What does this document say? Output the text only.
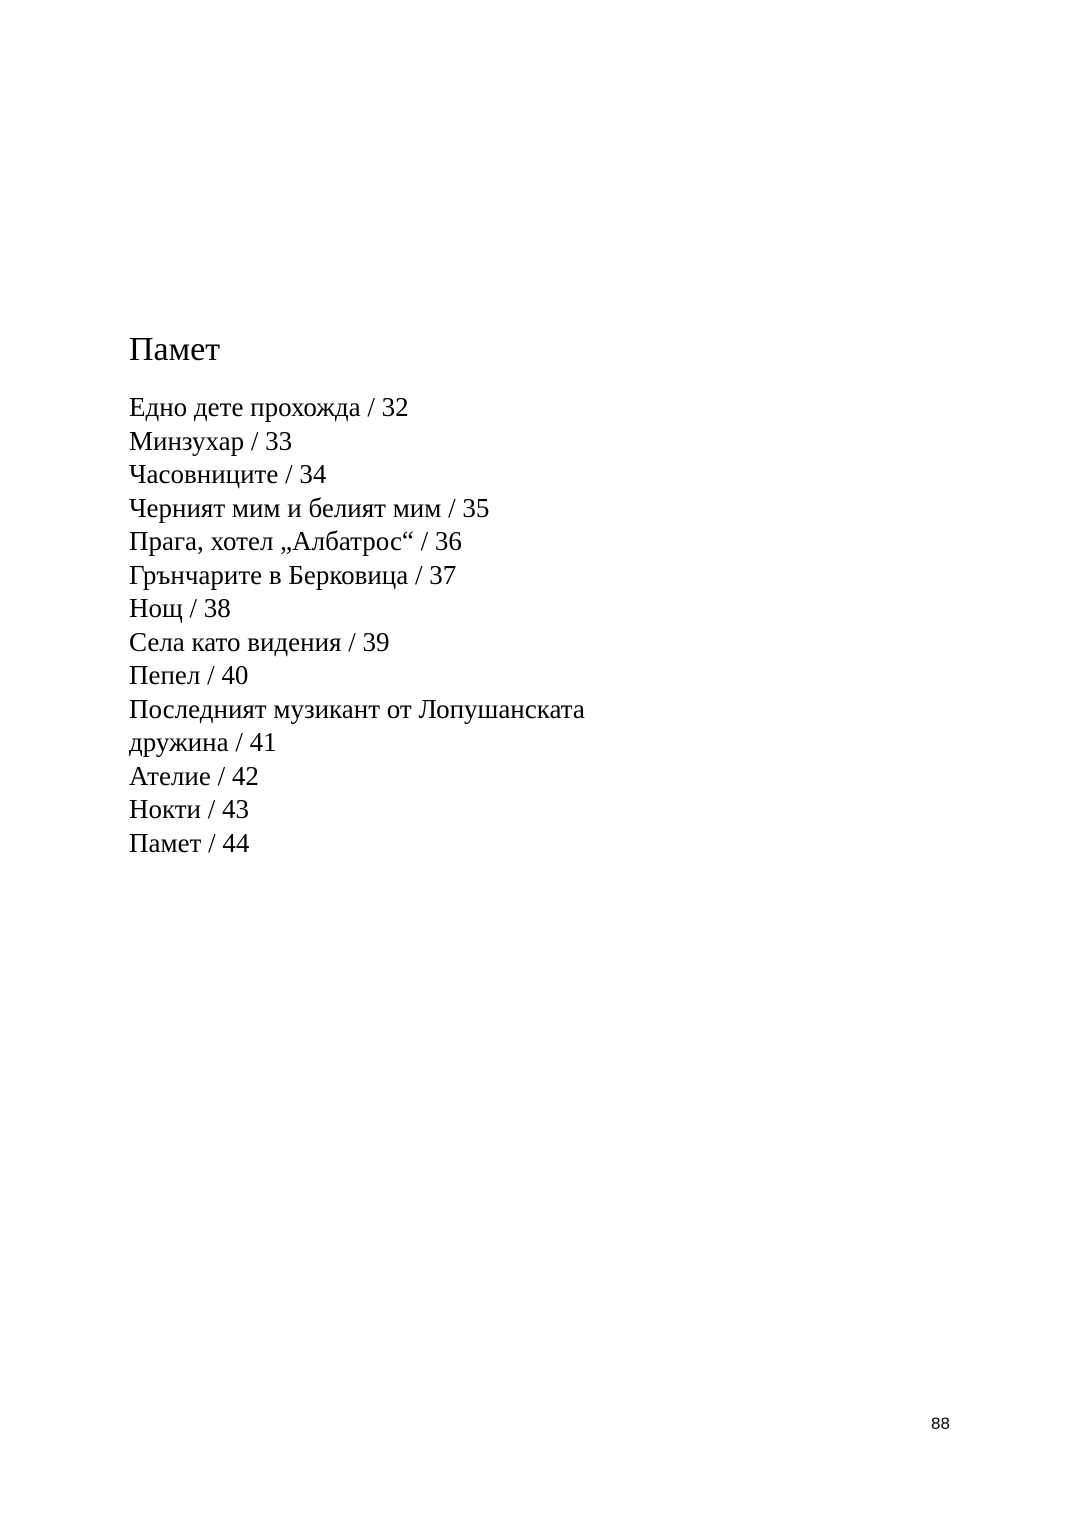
Памет
Едно дете прохожда / 32
Минзухар / 33
Часовниците / 34
Черният мим и белият мим / 35
Прага, хотел „Албатрос“ / 36
Грънчарите в Берковица / 37
Нощ / 38
Села като видения / 39
Пепел / 40
Последният музикант от Лопушанската
дружина / 41
Ателие / 42
Нокти / 43
Памет / 44
88
